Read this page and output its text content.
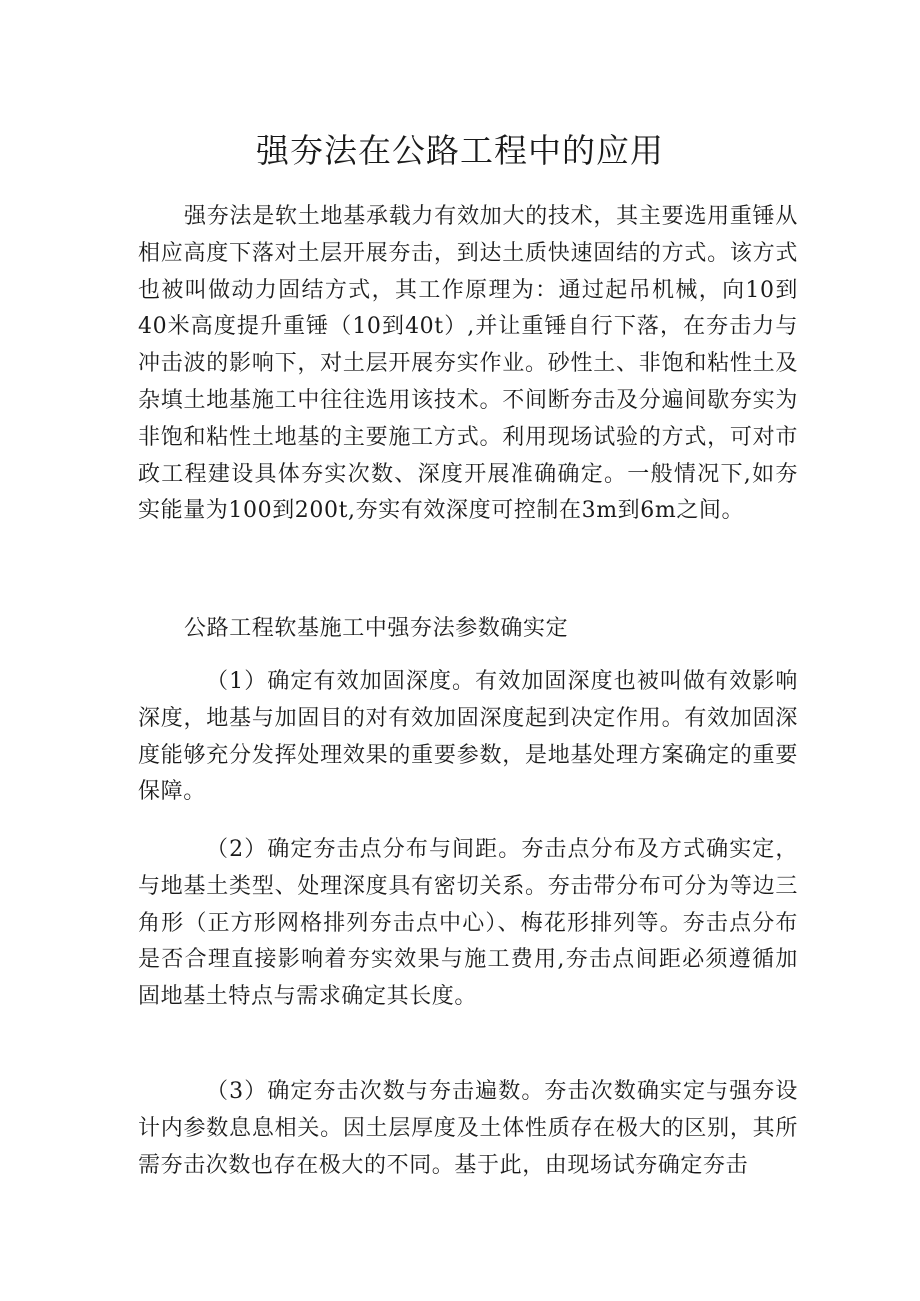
强夯法在公路工程中的应用

强夯法是软土地基承载力有效加大的技术，其主要选用重锤从相应高度下落对土层开展夯击，到达土质快速固结的方式。该方式也被叫做动力固结方式，其工作原理为：通过起吊机械，向10到40米高度提升重锤（10到40t）,并让重锤自行下落，在夯击力与冲击波的影响下，对土层开展夯实作业。砂性土、非饱和粘性土及杂填土地基施工中往往选用该技术。不间断夯击及分遍间歇夯实为非饱和粘性土地基的主要施工方式。利用现场试验的方式，可对市政工程建设具体夯实次数、深度开展准确确定。一般情况下,如夯实能量为100到200t,夯实有效深度可控制在3m到6m之间。

公路工程软基施工中强夯法参数确实定

（1）确定有效加固深度。有效加固深度也被叫做有效影响深度，地基与加固目的对有效加固深度起到决定作用。有效加固深度能够充分发挥处理效果的重要参数，是地基处理方案确定的重要保障。

（2）确定夯击点分布与间距。夯击点分布及方式确实定，与地基土类型、处理深度具有密切关系。夯击带分布可分为等边三角形（正方形网格排列夯击点中心）、梅花形排列等。夯击点分布是否合理直接影响着夯实效果与施工费用,夯击点间距必须遵循加固地基土特点与需求确定其长度。

（3）确定夯击次数与夯击遍数。夯击次数确实定与强夯设计内参数息息相关。因土层厚度及土体性质存在极大的区别，其所需夯击次数也存在极大的不同。基于此，由现场试夯确定夯击
